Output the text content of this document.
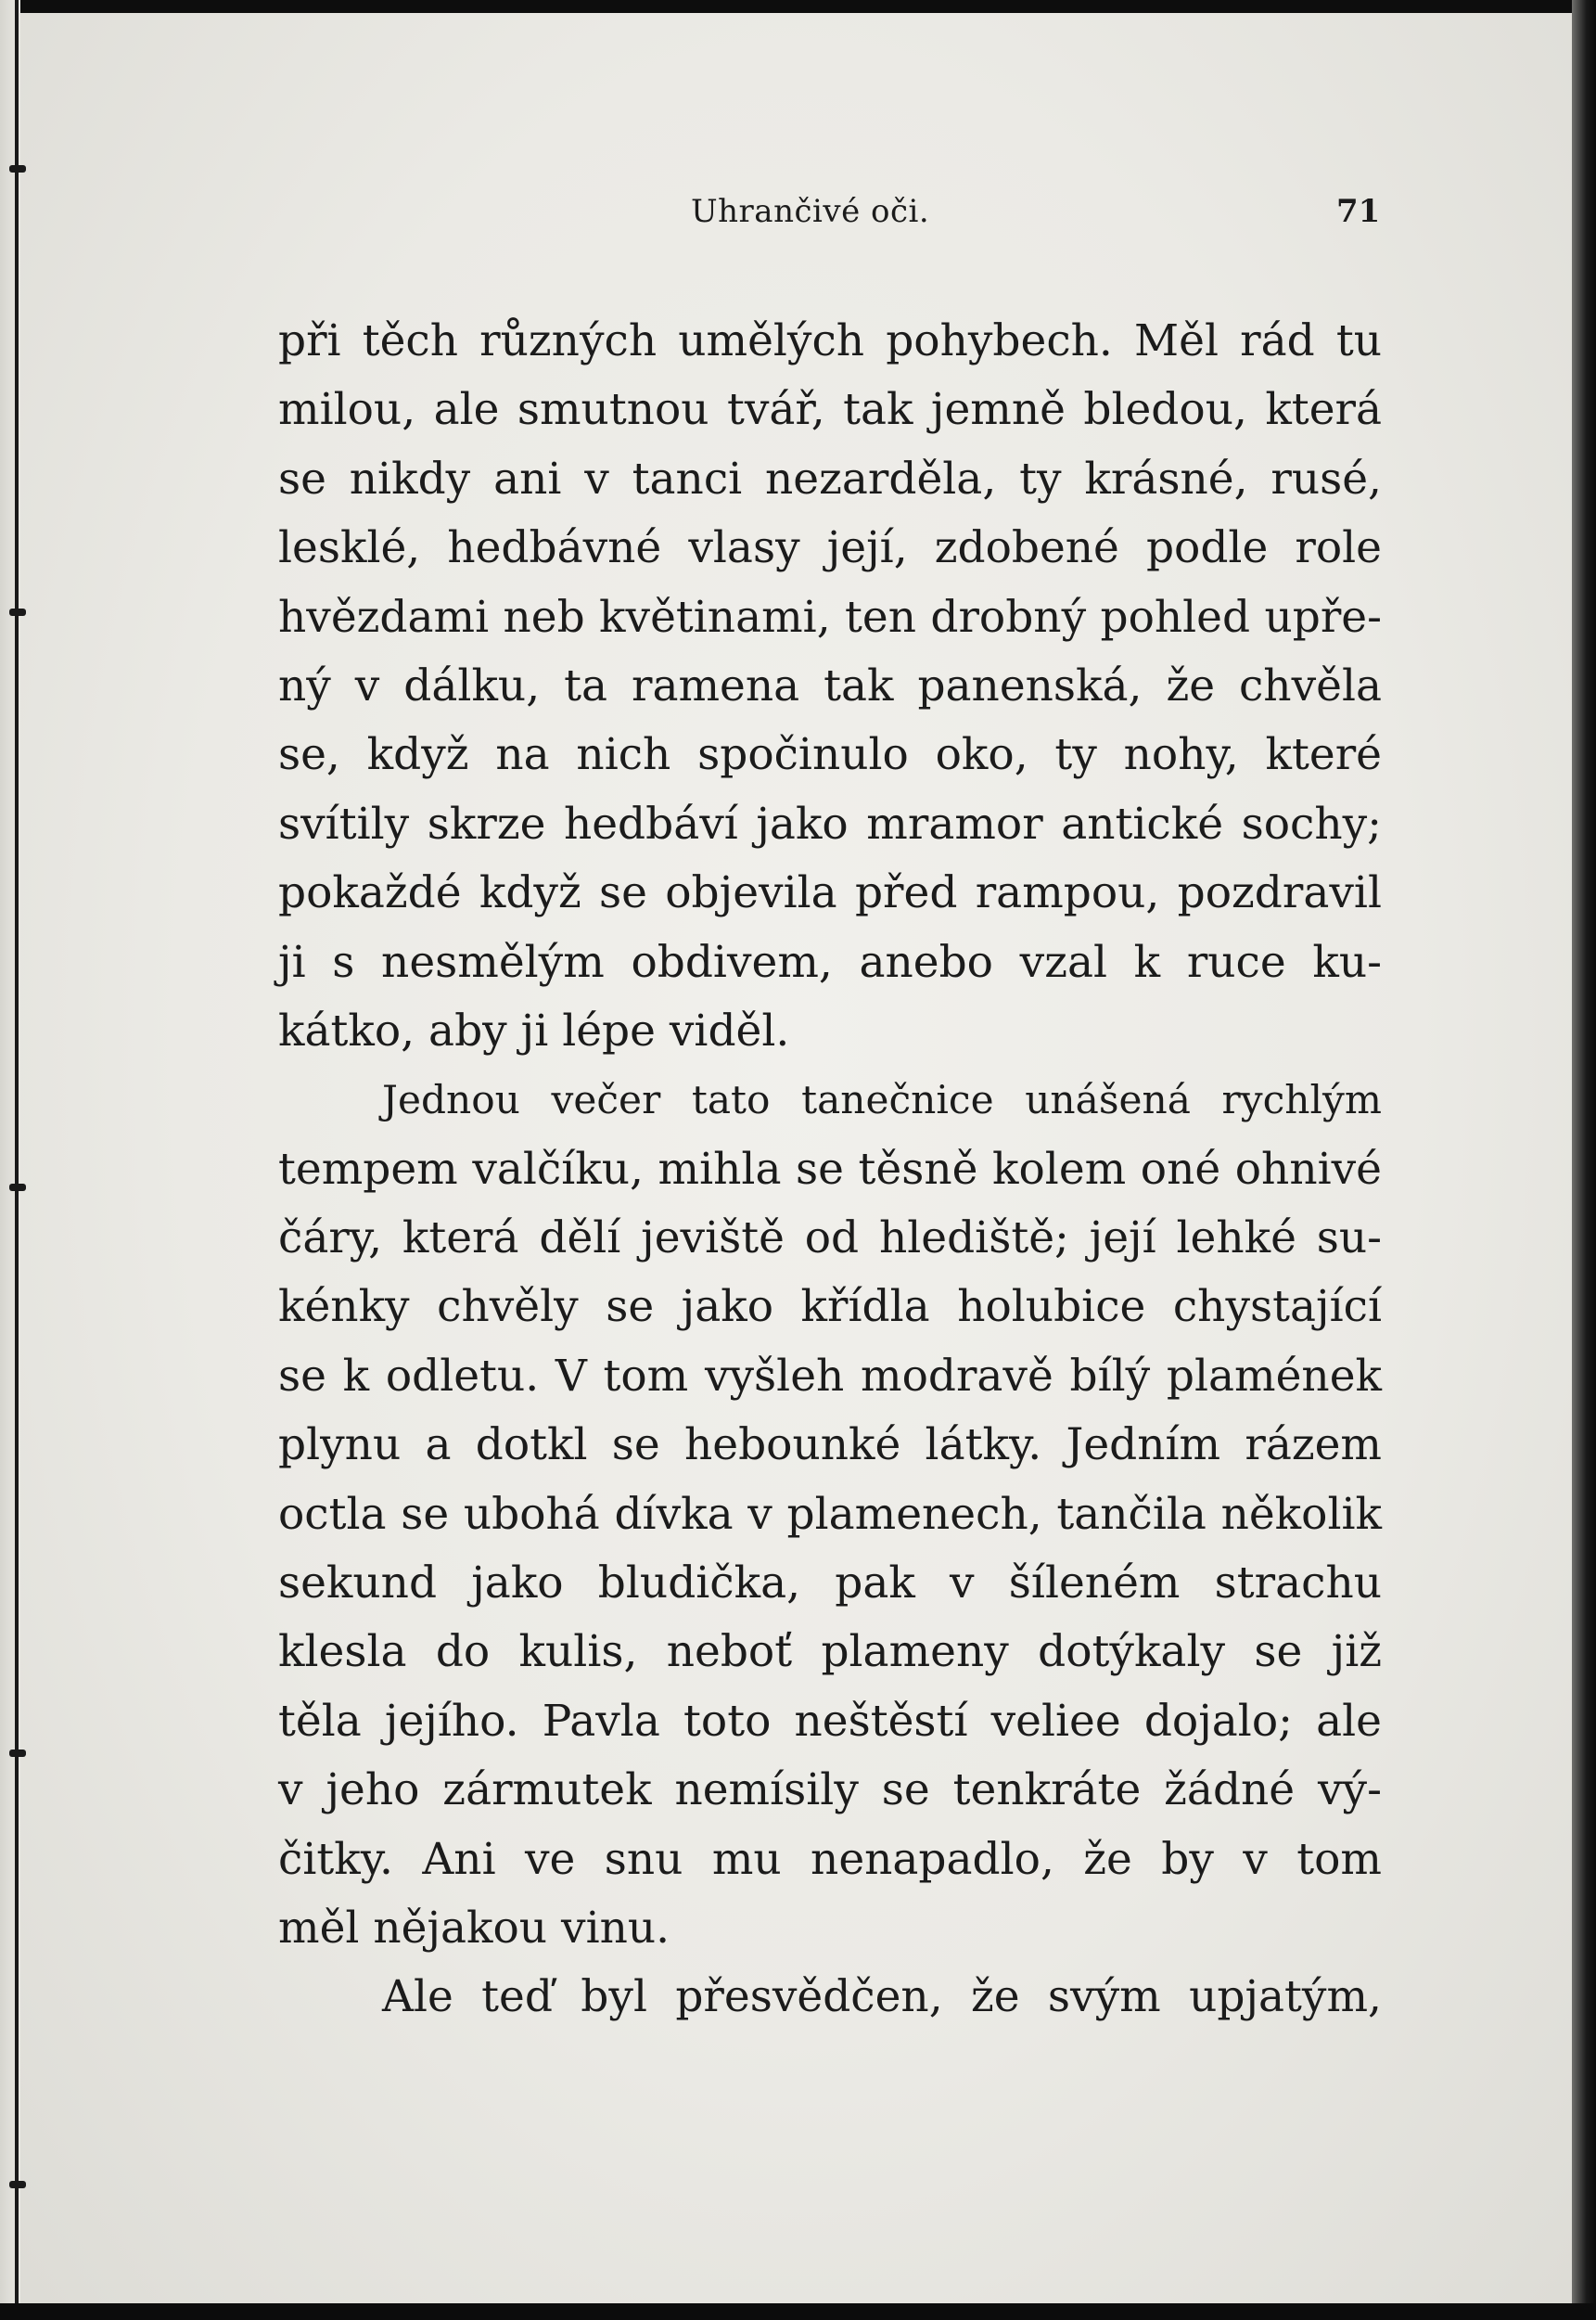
Uhrančivé oči.	71
při těch různých umělých pohybech. Měl rád tu
milou, ale smutnou tvář, tak jemně bledou, která
se nikdy ani v tanci nezarděla, ty krásné, rusé,
lesklé, hedbávné vlasy její, zdobené podle role
hvězdami neb květinami, ten drobný pohled upře-
ný v dálku, ta ramena tak panenská, že chvěla
se, když na nich spočinulo oko, ty nohy, které
svítily skrze hedbáví jako mramor antické sochy;
pokaždé když se objevila před rampou, pozdravil
ji s nesmělým obdivem, anebo vzal k ruce ku-
kátko, aby ji lépe viděl.
Jednou večer tato tanečnice unášená rychlým
tempem valčíku, mihla se těsně kolem oné ohnivé
čáry, která dělí jeviště od hlediště; její lehké su-
kénky chvěly se jako křídla holubice chystající
se k odletu. V tom vyšleh modravě bílý plamének
plynu a dotkl se hebounké látky. Jedním rázem
octla se ubohá dívka v plamenech, tančila několik
sekund jako bludička, pak v šíleném strachu
klesla do kulis, neboť plameny dotýkaly se již
těla jejího. Pavla toto neštěstí veliee dojalo; ale
v jeho zármutek nemísily se tenkráte žádné vý-
čitky. Ani ve snu mu nenapadlo, že by v tom
měl nějakou vinu.
Ale teď byl přesvědčen, že svým upjatým,
